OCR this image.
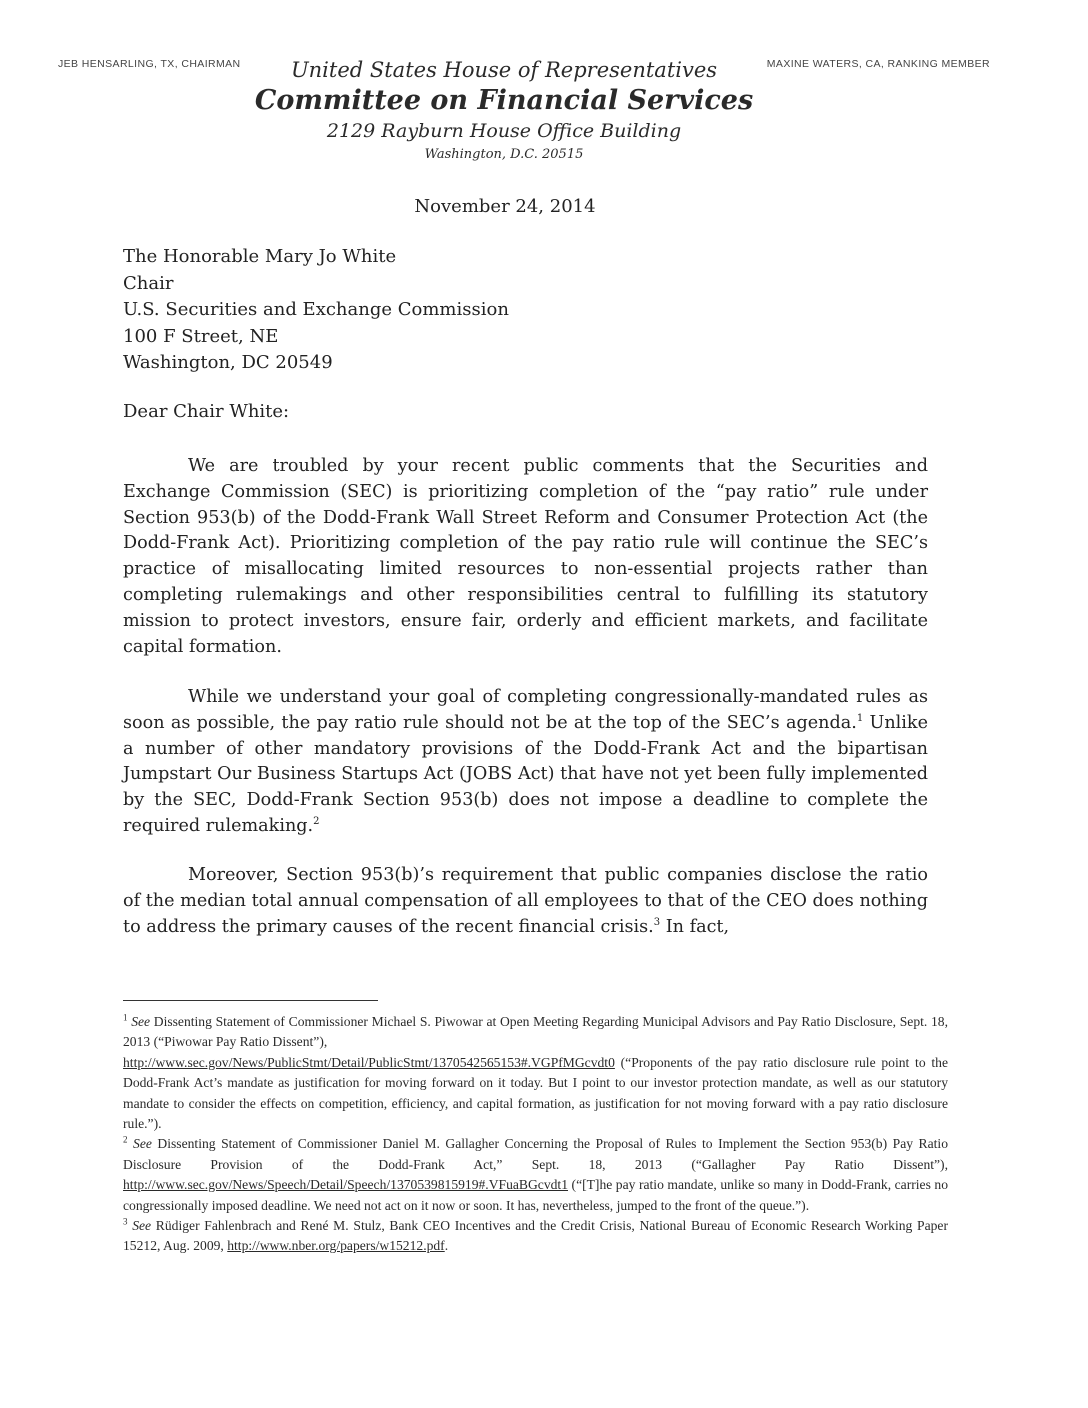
JEB HENSARLING, TX, CHAIRMAN	MAXINE WATERS, CA, RANKING MEMBER
United States House of Representatives
Committee on Financial Services
2129 Rayburn House Office Building
Washington, D.C. 20515
November 24, 2014
The Honorable Mary Jo White
Chair
U.S. Securities and Exchange Commission
100 F Street, NE
Washington, DC 20549
Dear Chair White:

We are troubled by your recent public comments that the Securities and Exchange Commission (SEC) is prioritizing completion of the “pay ratio” rule under Section 953(b) of the Dodd-Frank Wall Street Reform and Consumer Protection Act (the Dodd-Frank Act). Prioritizing completion of the pay ratio rule will continue the SEC’s practice of misallocating limited resources to non-essential projects rather than completing rulemakings and other responsibilities central to fulfilling its statutory mission to protect investors, ensure fair, orderly and efficient markets, and facilitate capital formation.

While we understand your goal of completing congressionally-mandated rules as soon as possible, the pay ratio rule should not be at the top of the SEC’s agenda.$^1$ Unlike a number of other mandatory provisions of the Dodd-Frank Act and the bipartisan Jumpstart Our Business Startups Act (JOBS Act) that have not yet been fully implemented by the SEC, Dodd-Frank Section 953(b) does not impose a deadline to complete the required rulemaking.$^2$

Moreover, Section 953(b)’s requirement that public companies disclose the ratio of the median total annual compensation of all employees to that of the CEO does nothing to address the primary causes of the recent financial crisis.$^3$ In fact,

$^1$ See Dissenting Statement of Commissioner Michael S. Piwowar at Open Meeting Regarding Municipal Advisors and Pay Ratio Disclosure, Sept. 18, 2013 (“Piwowar Pay Ratio Dissent”),
http://www.sec.gov/News/PublicStmt/Detail/PublicStmt/1370542565153#.VGPfMGcvdt0 (“Proponents of the pay ratio disclosure rule point to the Dodd-Frank Act’s mandate as justification for moving forward on it today. But I point to our investor protection mandate, as well as our statutory mandate to consider the effects on competition, efficiency, and capital formation, as justification for not moving forward with a pay ratio disclosure rule.”).

$^2$ See Dissenting Statement of Commissioner Daniel M. Gallagher Concerning the Proposal of Rules to Implement the Section 953(b) Pay Ratio Disclosure Provision of the Dodd-Frank Act,” Sept. 18, 2013 (“Gallagher Pay Ratio Dissent”), http://www.sec.gov/News/Speech/Detail/Speech/1370539815919#.VFuaBGcvdt1 (“[T]he pay ratio mandate, unlike so many in Dodd-Frank, carries no congressionally imposed deadline. We need not act on it now or soon. It has, nevertheless, jumped to the front of the queue.”).

$^3$ See Rüdiger Fahlenbrach and René M. Stulz, Bank CEO Incentives and the Credit Crisis, National Bureau of Economic Research Working Paper 15212, Aug. 2009, http://www.nber.org/papers/w15212.pdf.
